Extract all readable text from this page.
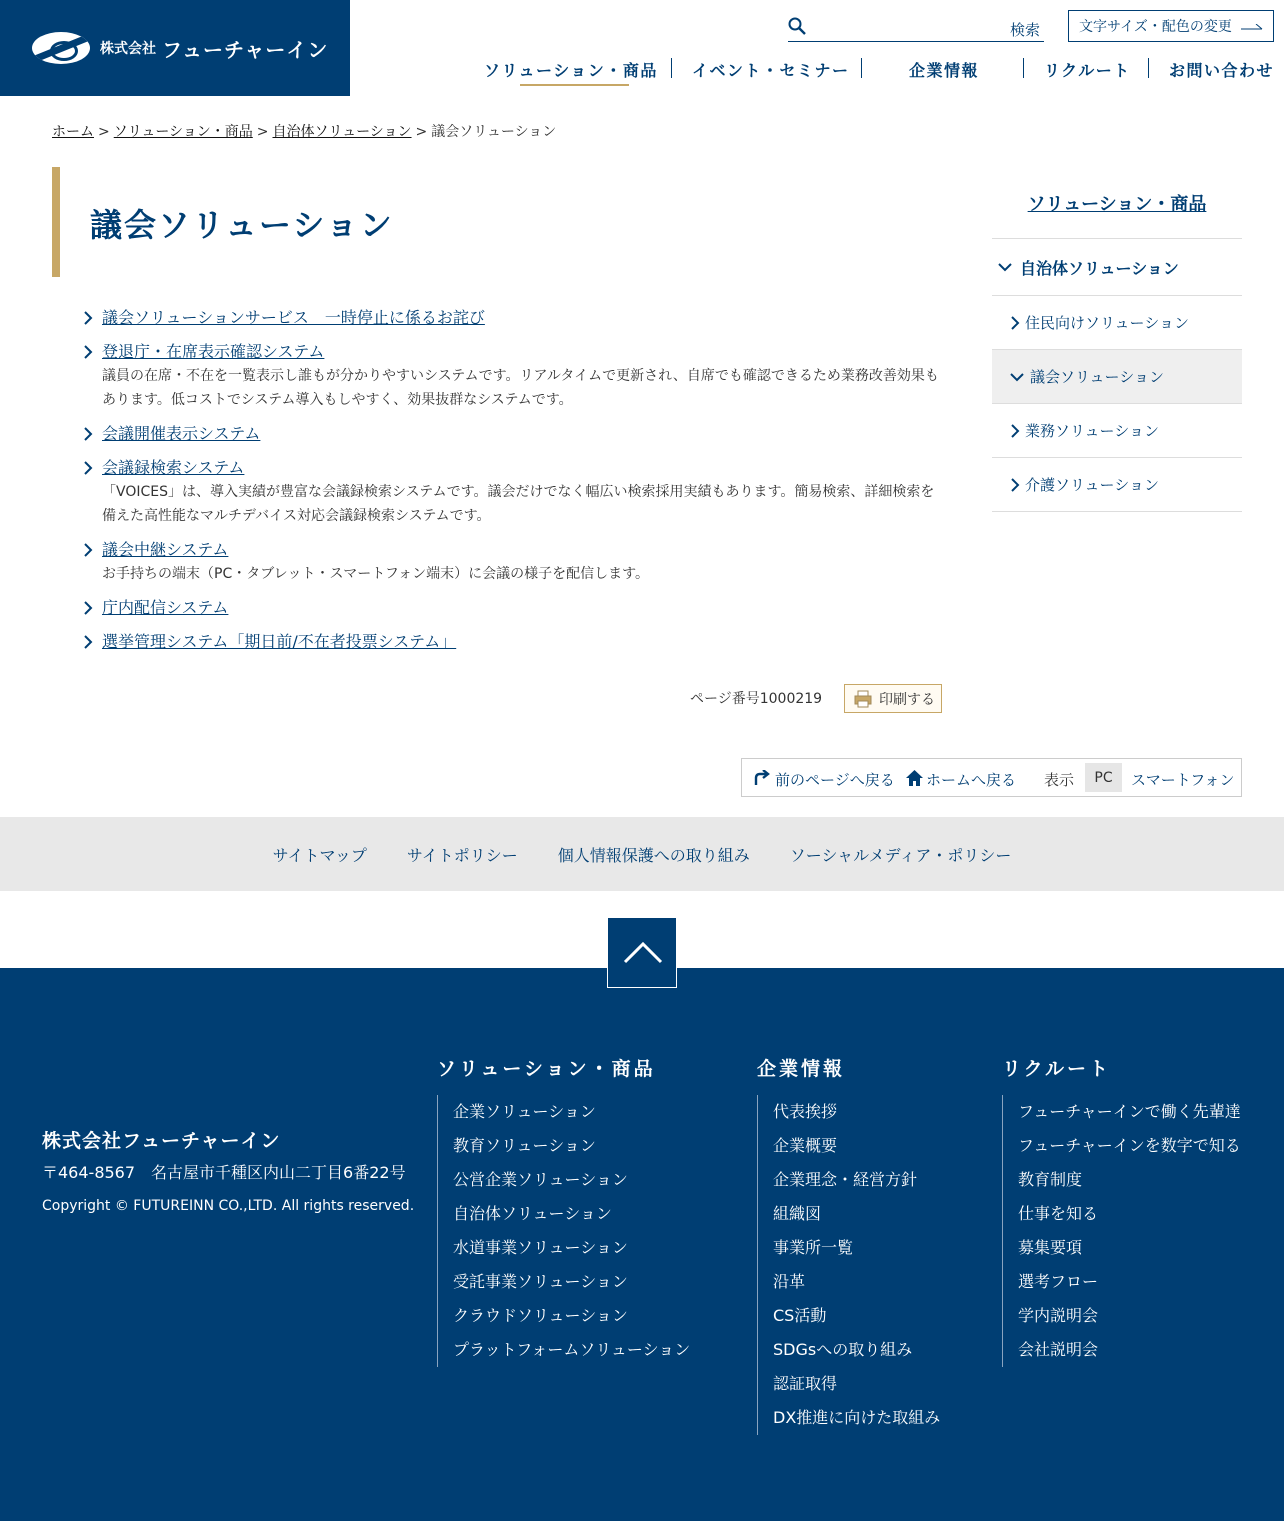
株式会社 フューチャーイン
検索	文字サイズ・配色の変更
ソリューション・商品 イベント・セミナー	企業情報	リクルート お問い合わせ
ホーム > ソリューション・商品 > 自治体ソリューション > 議会ソリューション
議会ソリューション
議会ソリューションサービス　一時停止に係るお詫び
登退庁・在席表示確認システム
議員の在席・不在を一覧表示し誰もが分かりやすいシステムです。リアルタイムで更新され、自席でも確認できるため業務改善効果もあります。低コストでシステム導入もしやすく、効果抜群なシステムです。
会議開催表示システム
会議録検索システム
「VOICES」は、導入実績が豊富な会議録検索システムです。議会だけでなく幅広い検索採用実績もあります。簡易検索、詳細検索を備えた高性能なマルチデバイス対応会議録検索システムです。
議会中継システム
お手持ちの端末（PC・タブレット・スマートフォン端末）に会議の様子を配信します。
庁内配信システム
選挙管理システム「期日前/不在者投票システム」
ページ番号1000219	印刷する
ソリューション・商品
自治体ソリューション
住民向けソリューション
議会ソリューション
業務ソリューション
介護ソリューション
前のページへ戻る ホームへ戻る 表示	PC	スマートフォン
サイトマップ	サイトポリシー	個人情報保護への取り組み	ソーシャルメディア・ポリシー
株式会社フューチャーイン
〒464-8567　名古屋市千種区内山二丁目6番22号
Copyright © FUTUREINN CO.,LTD. All rights reserved.
ソリューション・商品
企業ソリューション
教育ソリューション
公営企業ソリューション
自治体ソリューション
水道事業ソリューション
受託事業ソリューション
クラウドソリューション
プラットフォームソリューション
企業情報
代表挨拶
企業概要
企業理念・経営方針
組織図
事業所一覧
沿革
CS活動
SDGsへの取り組み
認証取得
DX推進に向けた取組み
リクルート
フューチャーインで働く先輩達
フューチャーインを数字で知る
教育制度
仕事を知る
募集要項
選考フロー
学内説明会
会社説明会
